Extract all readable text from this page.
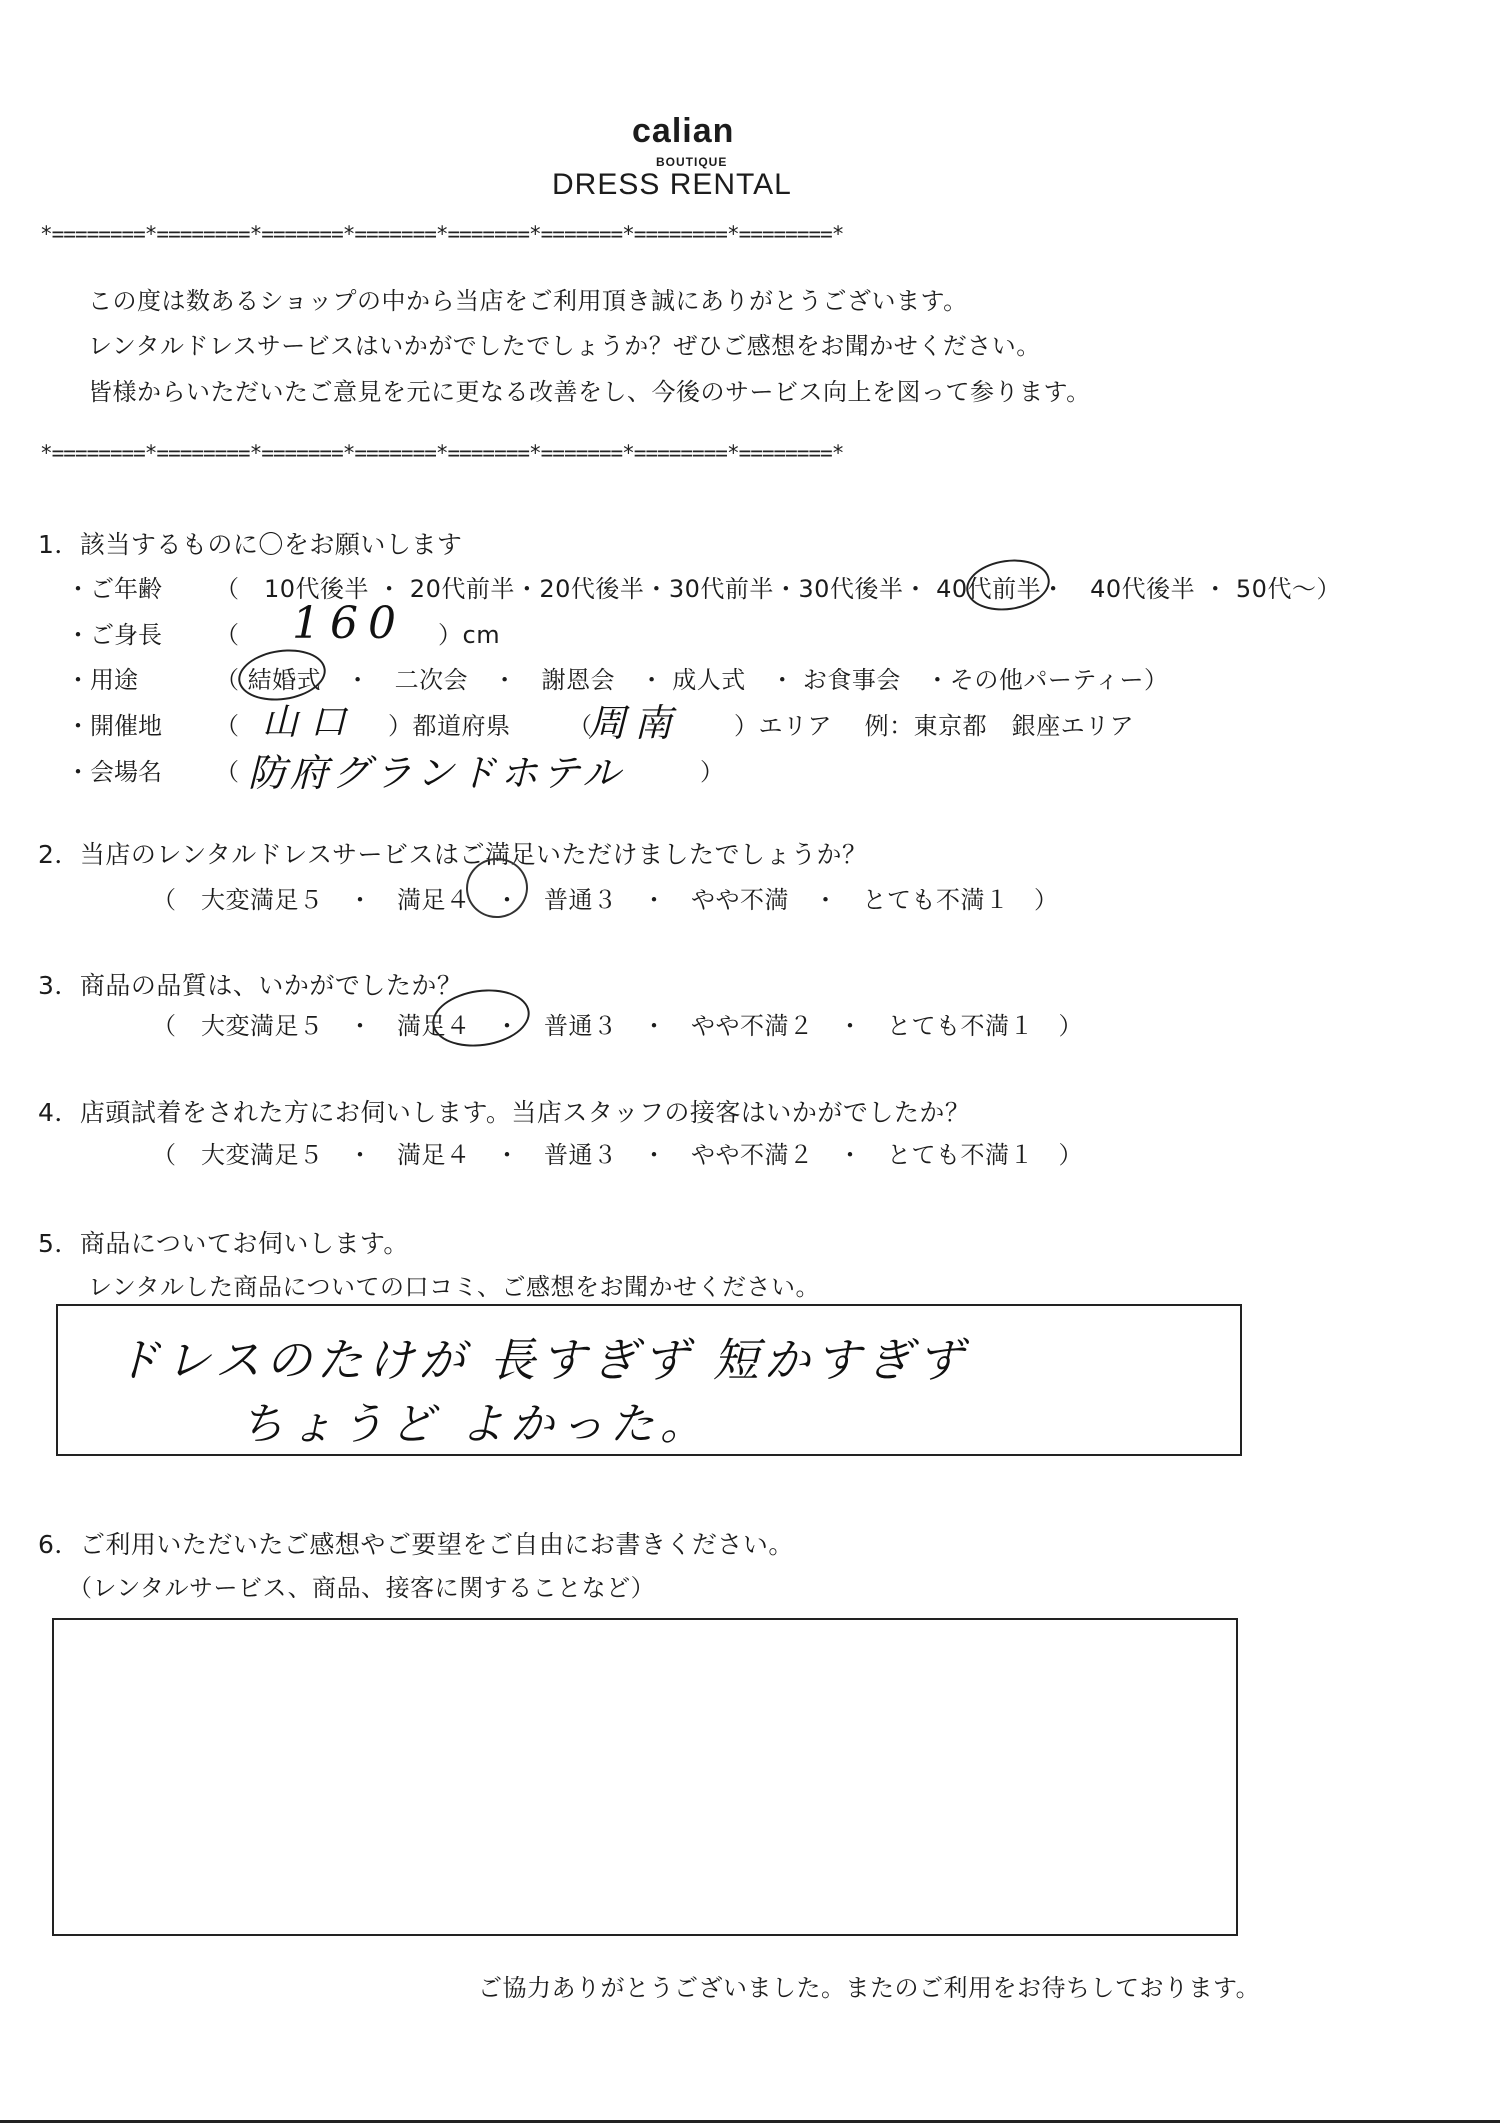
calian
BOUTIQUE
DRESS RENTAL
*========*========*=======*=======*=======*=======*========*========*
この度は数あるショップの中から当店をご利用頂き誠にありがとうございます。
レンタルドレスサービスはいかがでしたでしょうか？ぜひご感想をお聞かせください。
皆様からいただいたご意見を元に更なる改善をし、今後のサービス向上を図って参ります。
*========*========*=======*=======*=======*=======*========*========*
1．該当するものに〇をお願いします
・ご年齢 （　10代後半 ・ 20代前半・20代後半・30代前半・30代後半・ 40代前半・　40代後半 ・ 50代～）
・ご身長 （ 160 ）cm
・用途	（ 結婚式　・　二次会　・　謝恩会　・ 成人式　・ お食事会　・その他パーティー）
・開催地 （ 山口 ）都道府県 （
周南 ）エリア　 例：東京都　銀座エリア
・会場名 （ 防府グランドホテル	）
2．当店のレンタルドレスサービスはご満足いただけましたでしょうか？
（　大変満足５　・　満足４　・　普通３　・　やや不満　・　とても不満１　）
3．商品の品質は、いかがでしたか？
（　大変満足５　・　満足４　・　普通３　・　やや不満２　・　とても不満１　）
4．店頭試着をされた方にお伺いします。当店スタッフの接客はいかがでしたか？
（　大変満足５　・　満足４　・　普通３　・　やや不満２　・　とても不満１　）
5．商品についてお伺いします。
レンタルした商品についての口コミ、ご感想をお聞かせください。
ドレスのたけが 長すぎず 短かすぎず
ちょうど よかった。
6．ご利用いただいたご感想やご要望をご自由にお書きください。
（レンタルサービス、商品、接客に関することなど）
ご協力ありがとうございました。またのご利用をお待ちしております。
